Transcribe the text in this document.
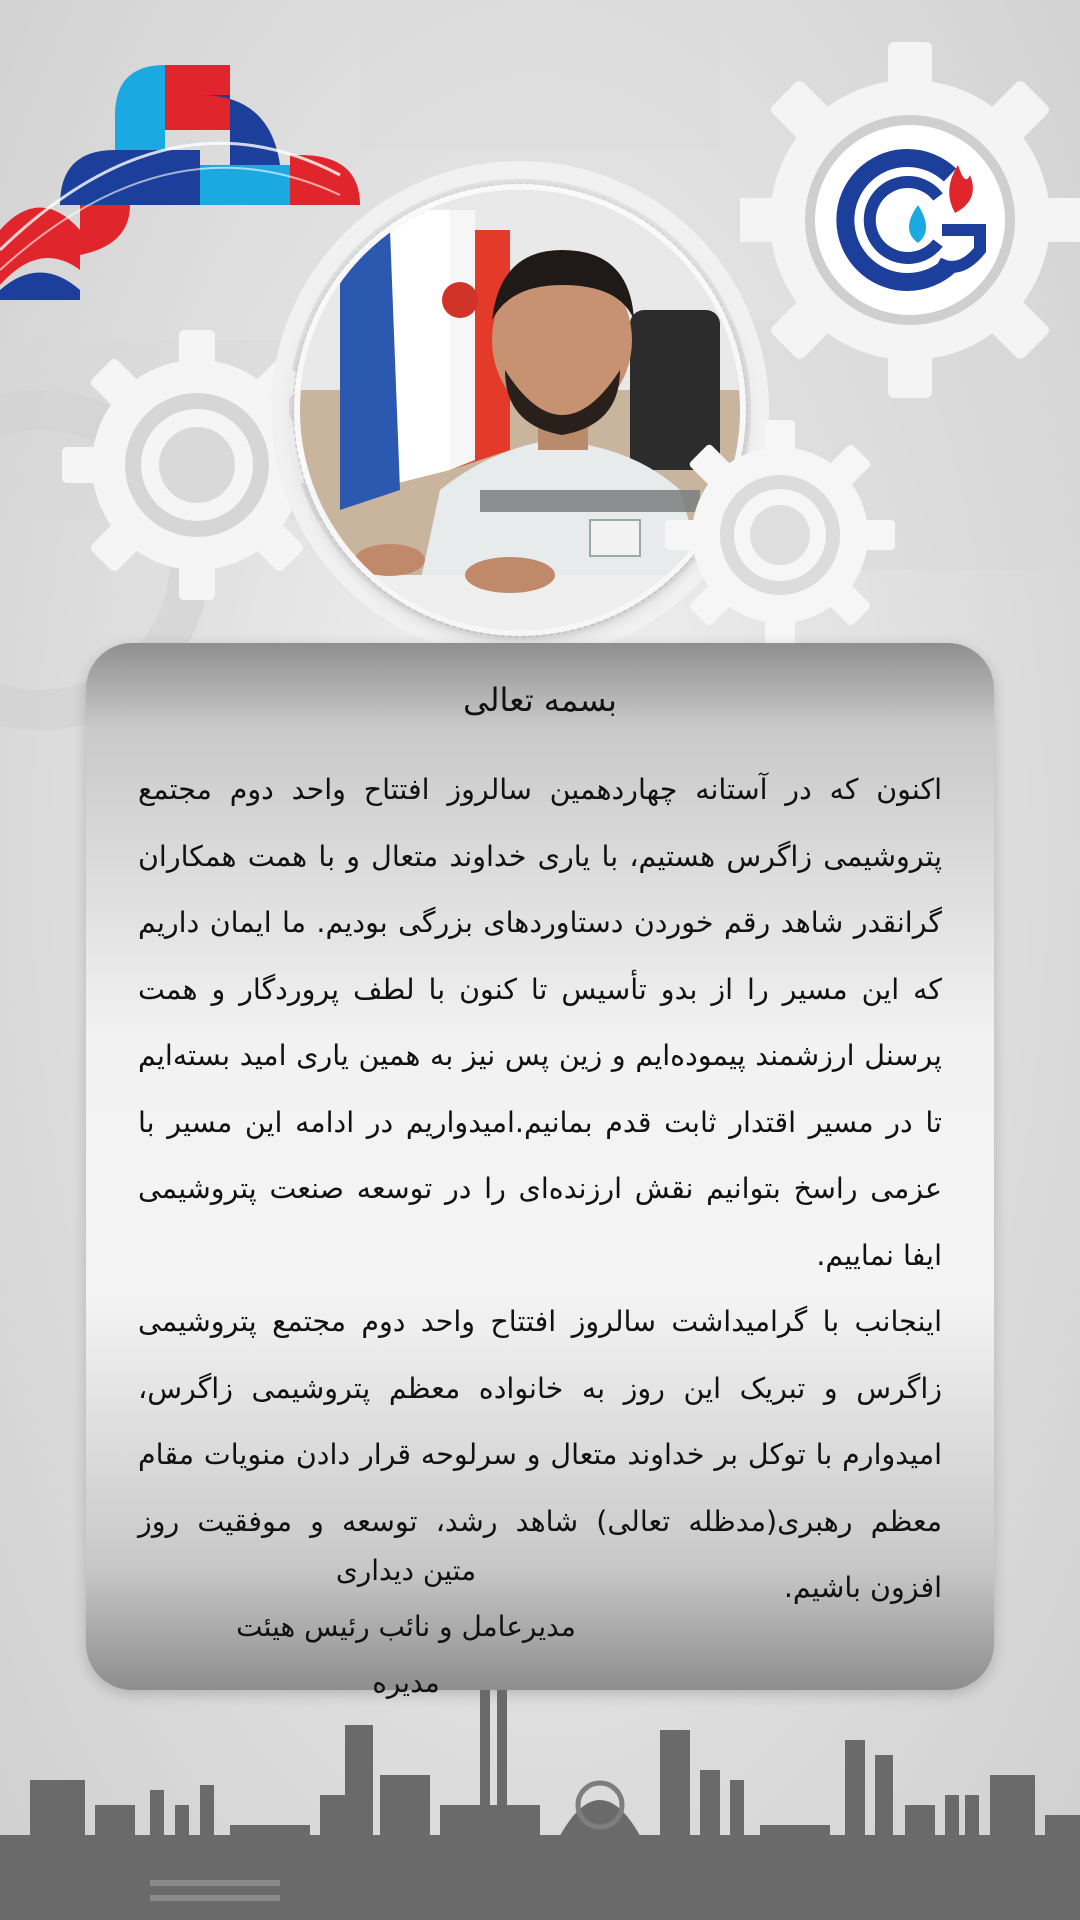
بسمه تعالی

اکنون که در آستانه چهاردهمین سالروز افتتاح واحد دوم مجتمع پتروشیمی زاگرس هستیم، با یاری خداوند متعال و با همت همکاران گرانقدر شاهد رقم خوردن دستاوردهای بزرگی بودیم. ما ایمان داریم که این مسیر را از بدو تأسیس تا کنون با لطف پروردگار و همت پرسنل ارزشمند پیموده‌ایم و زین پس نیز به همین یاری امید بسته‌ایم تا در مسیر اقتدار ثابت قدم بمانیم.امیدواریم در ادامه این مسیر با عزمی راسخ بتوانیم نقش ارزنده‌ای را در توسعه صنعت پتروشیمی ایفا نماییم.

اینجانب با گرامیداشت سالروز افتتاح واحد دوم مجتمع پتروشیمی زاگرس و تبریک این روز به خانواده معظم پتروشیمی زاگرس، امیدوارم با توکل بر خداوند متعال و سرلوحه قرار دادن منویات مقام معظم رهبری(مدظله تعالی) شاهد رشد، توسعه و موفقیت روز افزون باشیم.

متین دیداری
مدیرعامل و نائب رئیس هیئت مدیره
